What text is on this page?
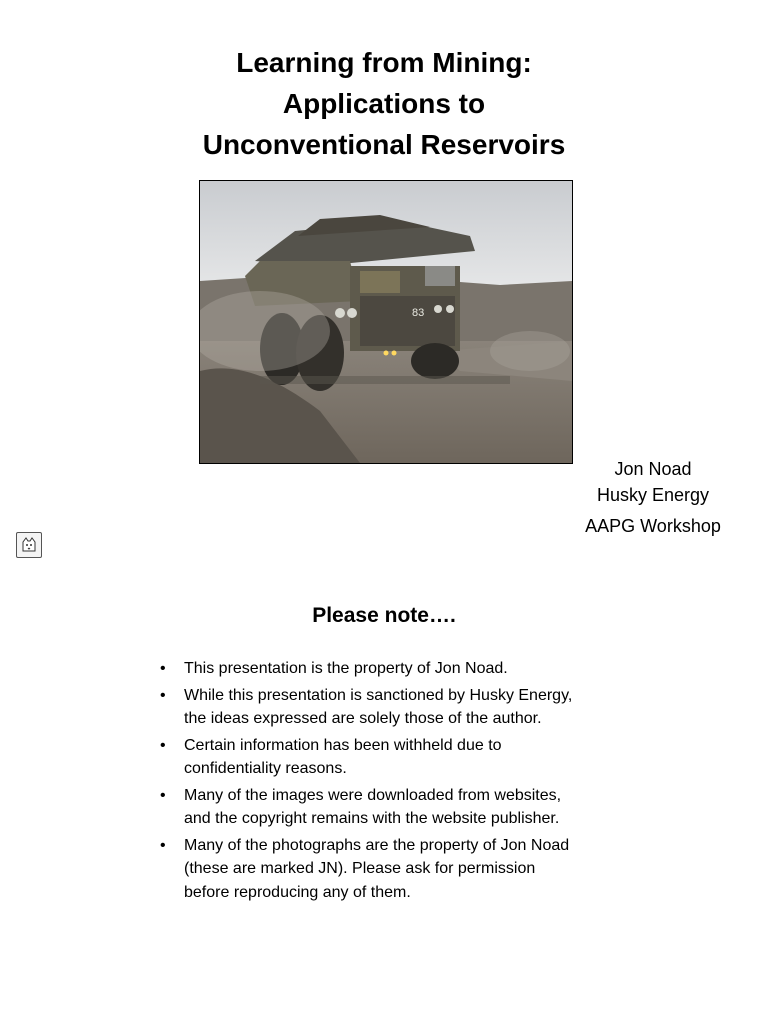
Learning from Mining:
Applications to
Unconventional Reservoirs
83
Jon Noad
Husky Energy
AAPG Workshop
Please note….
• This presentation is the property of Jon Noad.
• While this presentation is sanctioned by Husky Energy, the ideas expressed are solely those of the author.
• Certain information has been withheld due to confidentiality reasons.
• Many of the images were downloaded from websites, and the copyright remains with the website publisher.
• Many of the photographs are the property of Jon Noad (these are marked JN). Please ask for permission before reproducing any of them.
